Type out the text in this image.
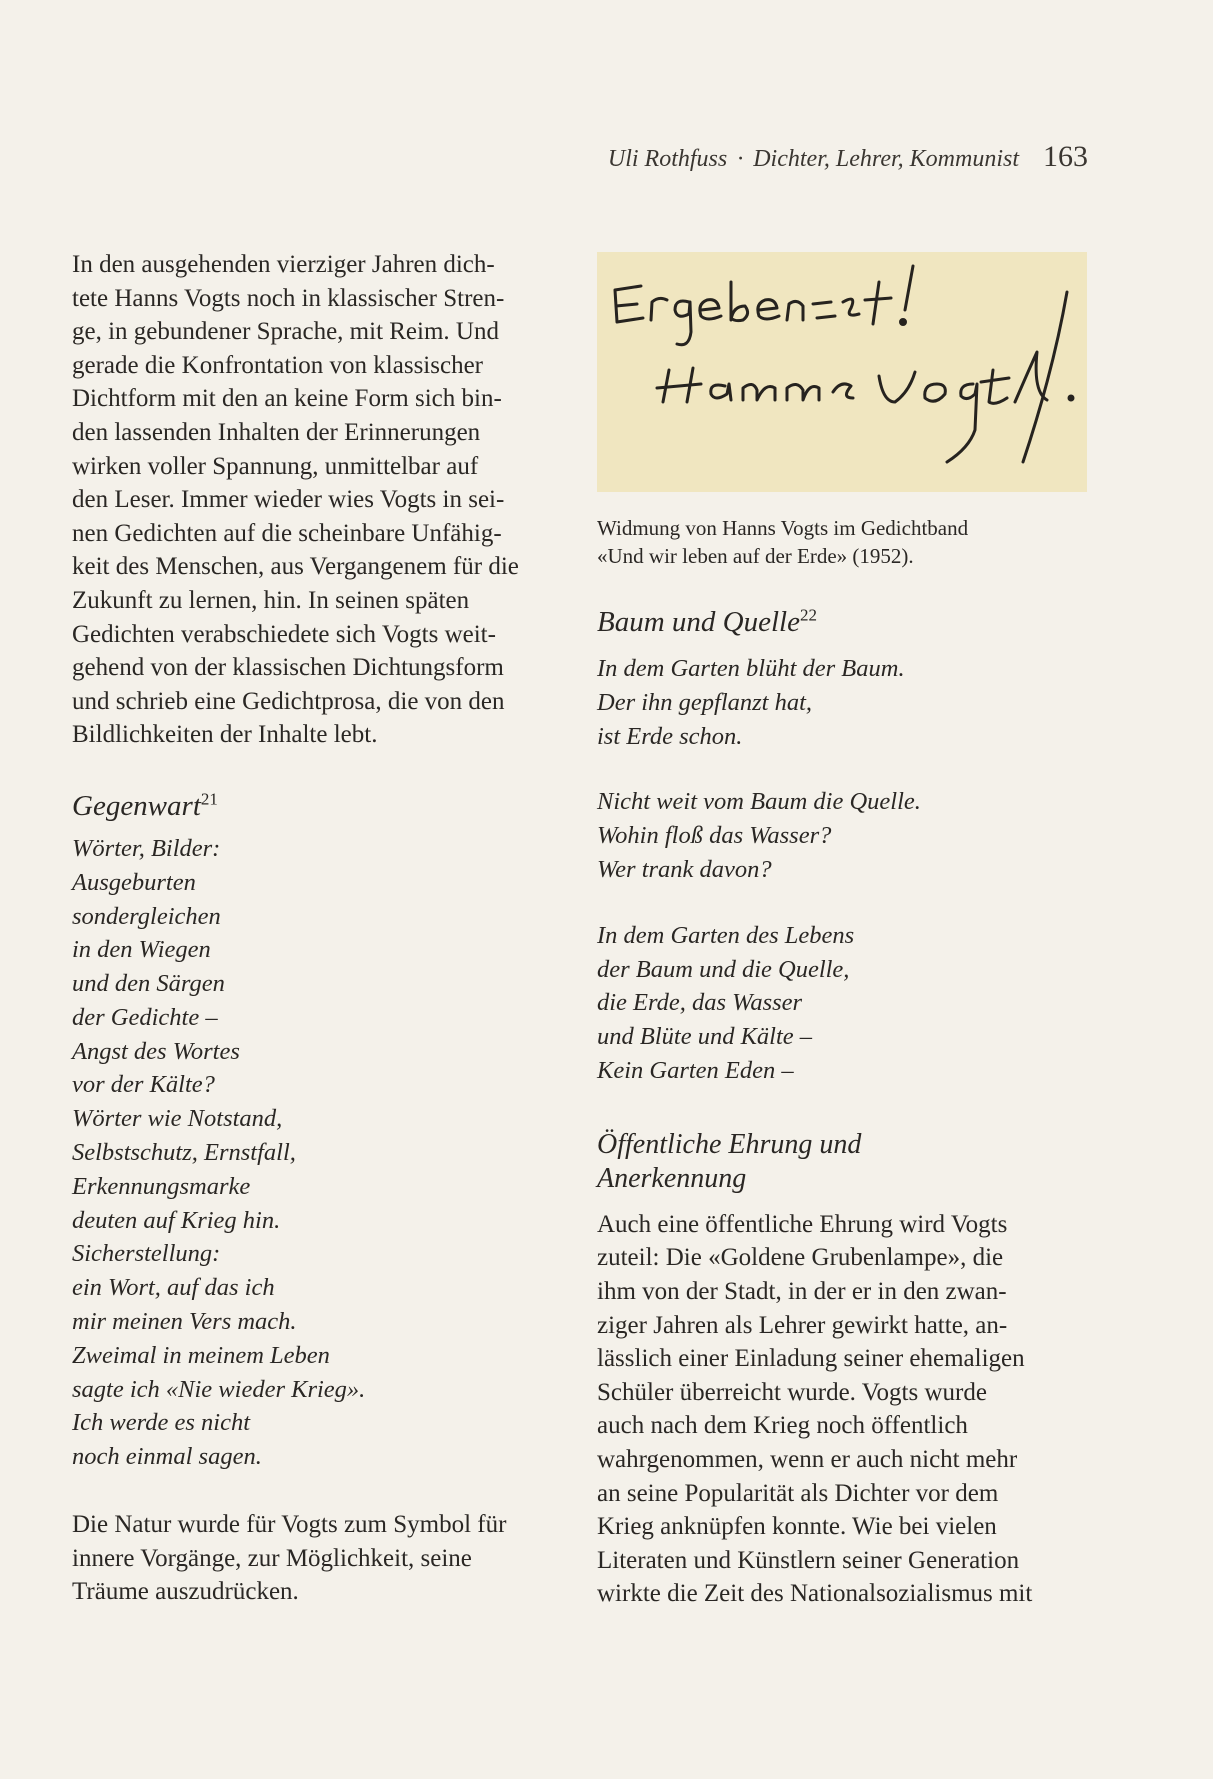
Uli Rothfuss · Dichter, Lehrer, Kommunist 163

In den ausgehenden vierziger Jahren dich-
tete Hanns Vogts noch in klassischer Stren-
ge, in gebundener Sprache, mit Reim. Und
gerade die Konfrontation von klassischer
Dichtform mit den an keine Form sich bin-
den lassenden Inhalten der Erinnerungen
wirken voller Spannung, unmittelbar auf
den Leser. Immer wieder wies Vogts in sei-
nen Gedichten auf die scheinbare Unfähig-
keit des Menschen, aus Vergangenem für die
Zukunft zu lernen, hin. In seinen späten
Gedichten verabschiedete sich Vogts weit-
gehend von der klassischen Dichtungsform
und schrieb eine Gedichtprosa, die von den
Bildlichkeiten der Inhalte lebt.

Gegenwart$^{21}$
Wörter, Bilder:
Ausgeburten
sondergleichen
in den Wiegen
und den Särgen
der Gedichte –
Angst des Wortes
vor der Kälte?
Wörter wie Notstand,
Selbstschutz, Ernstfall,
Erkennungsmarke
deuten auf Krieg hin.
Sicherstellung:
ein Wort, auf das ich
mir meinen Vers mach.
Zweimal in meinem Leben
sagte ich «Nie wieder Krieg».
Ich werde es nicht
noch einmal sagen.

Die Natur wurde für Vogts zum Symbol für
innere Vorgänge, zur Möglichkeit, seine
Träume auszudrücken.

Widmung von Hanns Vogts im Gedichtband
«Und wir leben auf der Erde» (1952).
Baum und Quelle$^{22}$
In dem Garten blüht der Baum.
Der ihn gepflanzt hat,
ist Erde schon.
Nicht weit vom Baum die Quelle.
Wohin floß das Wasser?
Wer trank davon?
In dem Garten des Lebens
der Baum und die Quelle,
die Erde, das Wasser
und Blüte und Kälte –
Kein Garten Eden –
Öffentliche Ehrung und
Anerkennung

Auch eine öffentliche Ehrung wird Vogts
zuteil: Die «Goldene Grubenlampe», die
ihm von der Stadt, in der er in den zwan-
ziger Jahren als Lehrer gewirkt hatte, an-
lässlich einer Einladung seiner ehemaligen
Schüler überreicht wurde. Vogts wurde
auch nach dem Krieg noch öffentlich
wahrgenommen, wenn er auch nicht mehr
an seine Popularität als Dichter vor dem
Krieg anknüpfen konnte. Wie bei vielen
Literaten und Künstlern seiner Generation
wirkte die Zeit des Nationalsozialismus mit
